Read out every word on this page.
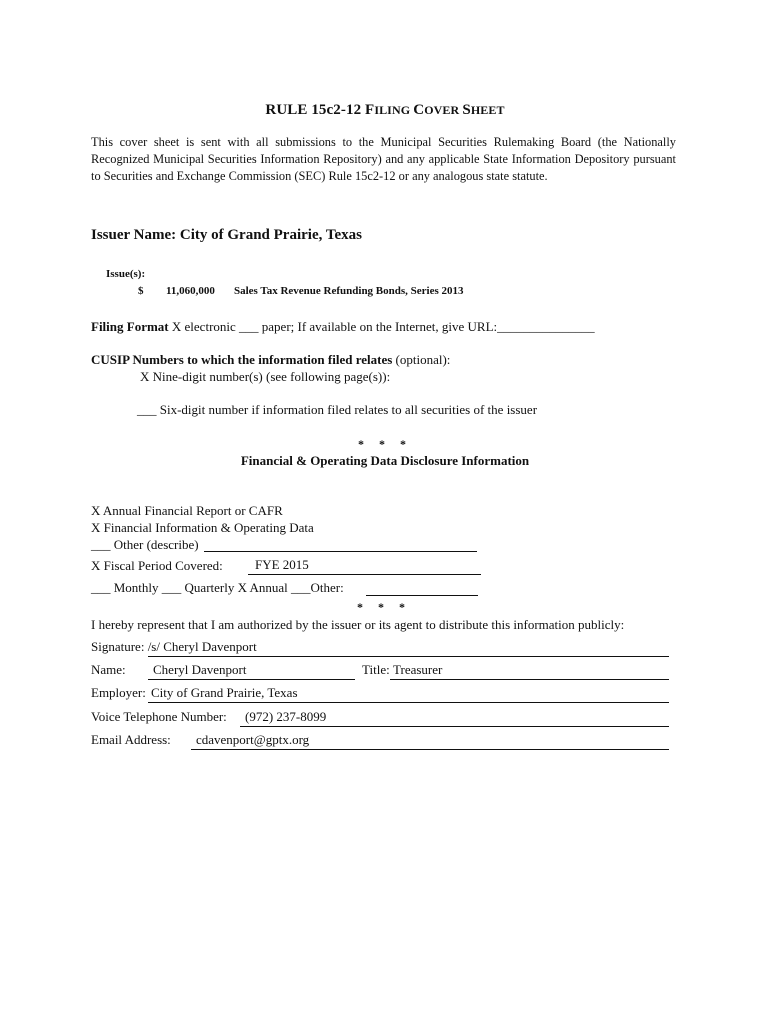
RULE 15c2-12 FILING COVER SHEET
This cover sheet is sent with all submissions to the Municipal Securities Rulemaking Board (the Nationally Recognized Municipal Securities Information Repository) and any applicable State Information Depository pursuant to Securities and Exchange Commission (SEC) Rule 15c2-12 or any analogous state statute.
Issuer Name: City of Grand Prairie, Texas
Issue(s):
$ 11,060,000 Sales Tax Revenue Refunding Bonds, Series 2013
Filing Format X electronic ___ paper; If available on the Internet, give URL:_______________
CUSIP Numbers to which the information filed relates (optional):
X Nine-digit number(s) (see following page(s)):
___ Six-digit number if information filed relates to all securities of the issuer
* * *
Financial & Operating Data Disclosure Information
X Annual Financial Report or CAFR
X Financial Information & Operating Data
___ Other (describe)
X Fiscal Period Covered: FYE 2015
___ Monthly ___ Quarterly X Annual ___Other:
* * *
I hereby represent that I am authorized by the issuer or its agent to distribute this information publicly:
Signature: /s/ Cheryl Davenport
Name: Cheryl Davenport	Title: Treasurer
Employer: City of Grand Prairie, Texas
Voice Telephone Number: (972) 237-8099
Email Address: cdavenport@gptx.org
